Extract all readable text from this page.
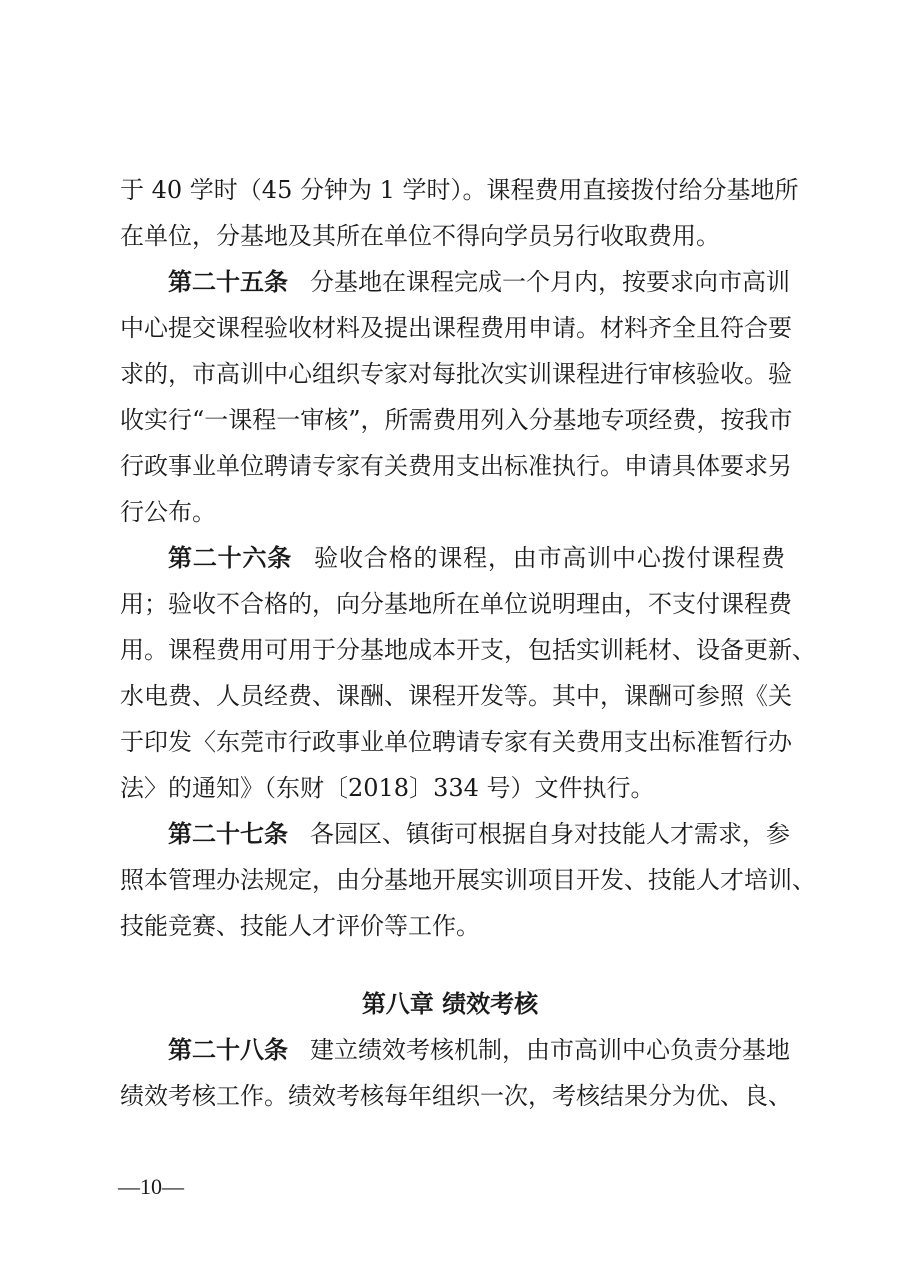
于 40 学时（45 分钟为 1 学时）。课程费用直接拨付给分基地所
在单位，分基地及其所在单位不得向学员另行收取费用。
第二十五条 分基地在课程完成一个月内，按要求向市高训
中心提交课程验收材料及提出课程费用申请。材料齐全且符合要
求的，市高训中心组织专家对每批次实训课程进行审核验收。验
收实行“一课程一审核”，所需费用列入分基地专项经费，按我市
行政事业单位聘请专家有关费用支出标准执行。申请具体要求另
行公布。
第二十六条 验收合格的课程，由市高训中心拨付课程费
用；验收不合格的，向分基地所在单位说明理由，不支付课程费
用。课程费用可用于分基地成本开支，包括实训耗材、设备更新、
水电费、人员经费、课酬、课程开发等。其中，课酬可参照《关
于印发〈东莞市行政事业单位聘请专家有关费用支出标准暂行办
法〉的通知》（东财〔2018〕334 号）文件执行。
第二十七条 各园区、镇街可根据自身对技能人才需求，参
照本管理办法规定，由分基地开展实训项目开发、技能人才培训、
技能竞赛、技能人才评价等工作。
第八章 绩效考核
第二十八条 建立绩效考核机制，由市高训中心负责分基地
绩效考核工作。绩效考核每年组织一次，考核结果分为优、良、
—10—
